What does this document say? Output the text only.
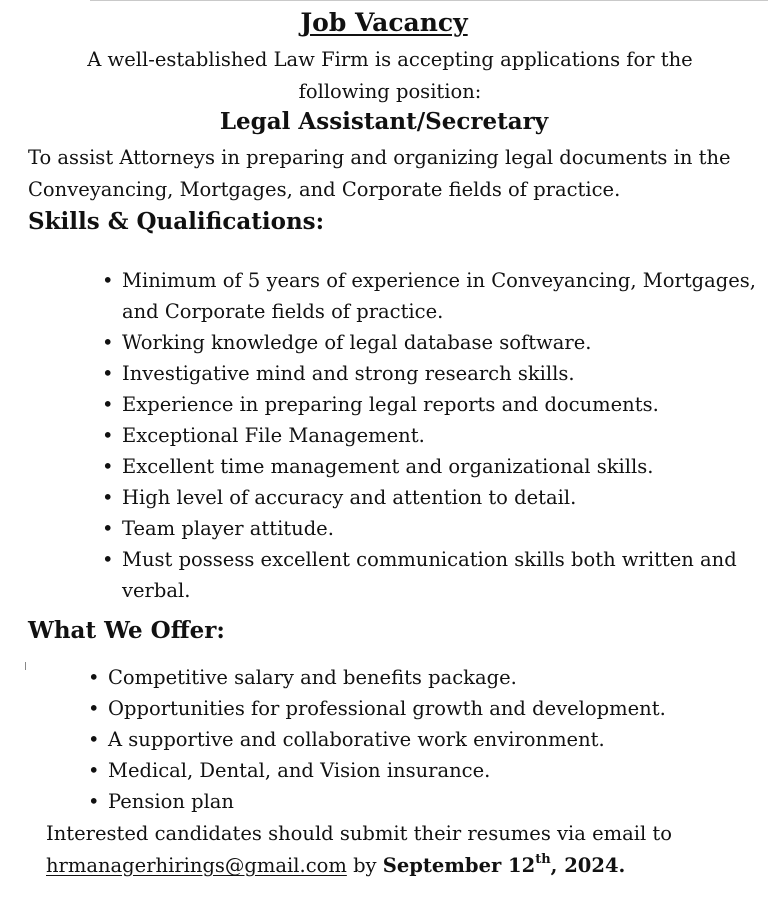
Job Vacancy
A well-established Law Firm is accepting applications for the following position:
Legal Assistant/Secretary
To assist Attorneys in preparing and organizing legal documents in the Conveyancing, Mortgages, and Corporate fields of practice.
Skills & Qualifications:
• Minimum of 5 years of experience in Conveyancing, Mortgages, and Corporate fields of practice.
• Working knowledge of legal database software.
• Investigative mind and strong research skills.
• Experience in preparing legal reports and documents.
• Exceptional File Management.
• Excellent time management and organizational skills.
• High level of accuracy and attention to detail.
• Team player attitude.
• Must possess excellent communication skills both written and verbal.
What We Offer:
• Competitive salary and benefits package.
• Opportunities for professional growth and development.
• A supportive and collaborative work environment.
• Medical, Dental, and Vision insurance.
• Pension plan
Interested candidates should submit their resumes via email to
hrmanagerhirings@gmail.com by September 12th, 2024.
